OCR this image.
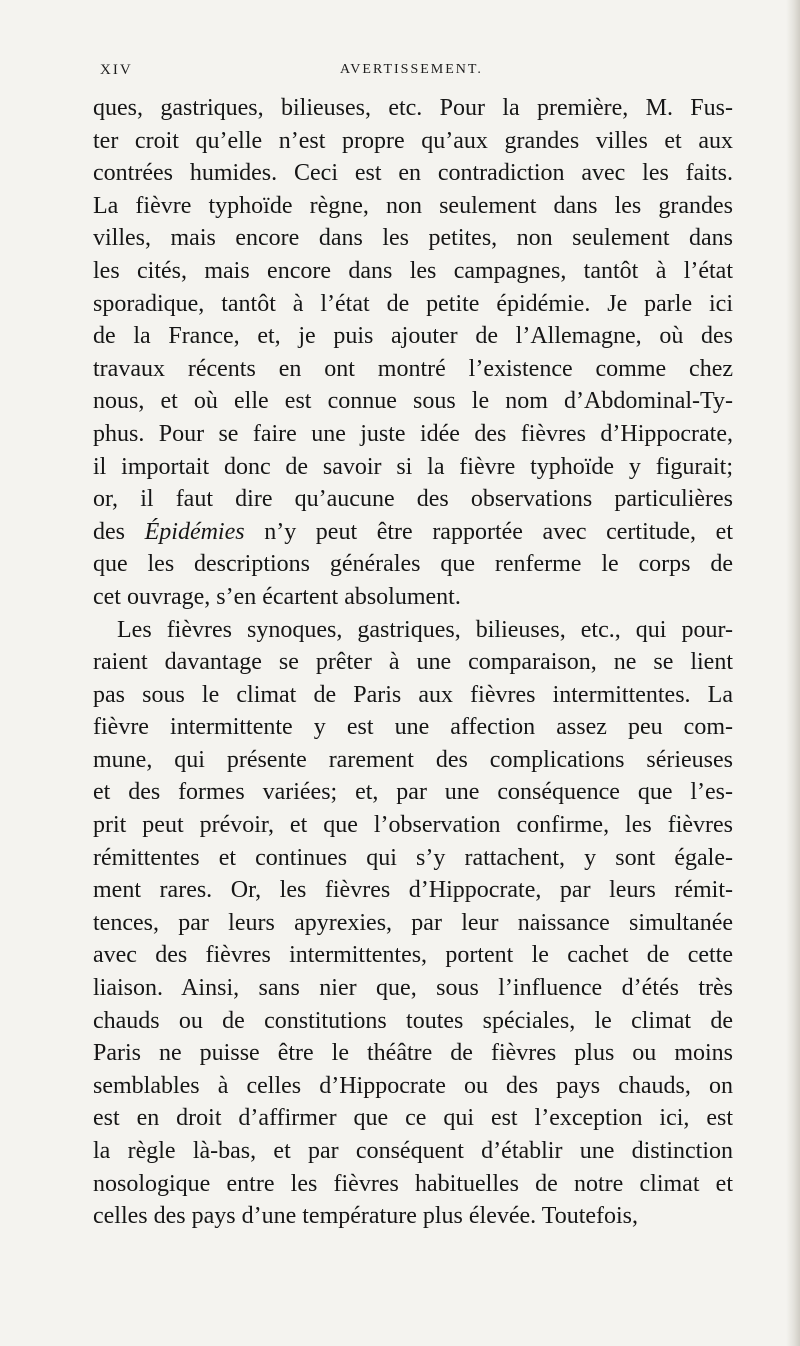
XIV	AVERTISSEMENT.
ques, gastriques, bilieuses, etc. Pour la première, M. Fus-
ter croit qu’elle n’est propre qu’aux grandes villes et aux
contrées humides. Ceci est en contradiction avec les faits.
La fièvre typhoïde règne, non seulement dans les grandes
villes, mais encore dans les petites, non seulement dans
les cités, mais encore dans les campagnes, tantôt à l’état
sporadique, tantôt à l’état de petite épidémie. Je parle ici
de la France, et, je puis ajouter de l’Allemagne, où des
travaux récents en ont montré l’existence comme chez
nous, et où elle est connue sous le nom d’Abdominal-Ty-
phus. Pour se faire une juste idée des fièvres d’Hippocrate,
il importait donc de savoir si la fièvre typhoïde y figurait;
or, il faut dire qu’aucune des observations particulières
des Épidémies n’y peut être rapportée avec certitude, et
que les descriptions générales que renferme le corps de
cet ouvrage, s’en écartent absolument.
Les fièvres synoques, gastriques, bilieuses, etc., qui pour-
raient davantage se prêter à une comparaison, ne se lient
pas sous le climat de Paris aux fièvres intermittentes. La
fièvre intermittente y est une affection assez peu com-
mune, qui présente rarement des complications sérieuses
et des formes variées; et, par une conséquence que l’es-
prit peut prévoir, et que l’observation confirme, les fièvres
rémittentes et continues qui s’y rattachent, y sont égale-
ment rares. Or, les fièvres d’Hippocrate, par leurs rémit-
tences, par leurs apyrexies, par leur naissance simultanée
avec des fièvres intermittentes, portent le cachet de cette
liaison. Ainsi, sans nier que, sous l’influence d’étés très
chauds ou de constitutions toutes spéciales, le climat de
Paris ne puisse être le théâtre de fièvres plus ou moins
semblables à celles d’Hippocrate ou des pays chauds, on
est en droit d’affirmer que ce qui est l’exception ici, est
la règle là-bas, et par conséquent d’établir une distinction
nosologique entre les fièvres habituelles de notre climat et
celles des pays d’une température plus élevée. Toutefois,
